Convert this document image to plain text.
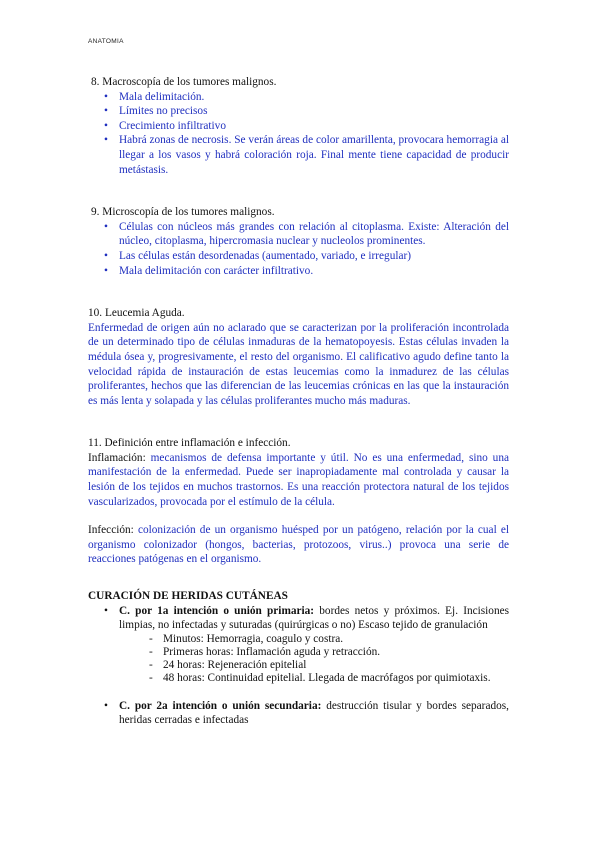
ANATOMIA

8. Macroscopía de los tumores malignos.

• Mala delimitación.
• Límites no precisos
• Crecimiento infiltrativo
• Habrá zonas de necrosis. Se verán áreas de color amarillenta, provocara hemorragia al llegar a los vasos y habrá coloración roja. Final mente tiene capacidad de producir metástasis.

9. Microscopía de los tumores malignos.

• Células con núcleos más grandes con relación al citoplasma. Existe: Alteración del núcleo, citoplasma, hipercromasia nuclear y nucleolos prominentes.
• Las células están desordenadas (aumentado, variado, e irregular)
• Mala delimitación con carácter infiltrativo.

10. Leucemia Aguda.

Enfermedad de origen aún no aclarado que se caracterizan por la proliferación incontrolada de un determinado tipo de células inmaduras de la hematopoyesis. Estas células invaden la médula ósea y, progresivamente, el resto del organismo. El calificativo agudo define tanto la velocidad rápida de instauración de estas leucemias como la inmadurez de las células proliferantes, hechos que las diferencian de las leucemias crónicas en las que la instauración es más lenta y solapada y las células proliferantes mucho más maduras.

11. Definición entre inflamación e infección.

Inflamación: mecanismos de defensa importante y útil. No es una enfermedad, sino una manifestación de la enfermedad. Puede ser inapropiadamente mal controlada y causar la lesión de los tejidos en muchos trastornos. Es una reacción protectora natural de los tejidos vascularizados, provocada por el estímulo de la célula.

Infección: colonización de un organismo huésped por un patógeno, relación por la cual el organismo colonizador (hongos, bacterias, protozoos, virus..) provoca una serie de reacciones patógenas en el organismo.

CURACIÓN DE HERIDAS CUTÁNEAS

• C. por 1a intención o unión primaria: bordes netos y próximos. Ej. Incisiones limpias, no infectadas y suturadas (quirúrgicas o no) Escaso tejido de granulación
- Minutos: Hemorragia, coagulo y costra.
- Primeras horas: Inflamación aguda y retracción.
- 24 horas: Rejeneración epitelial
- 48 horas: Continuidad epitelial. Llegada de macrófagos por quimiotaxis.
• C. por 2a intención o unión secundaria: destrucción tisular y bordes separados, heridas cerradas e infectadas
